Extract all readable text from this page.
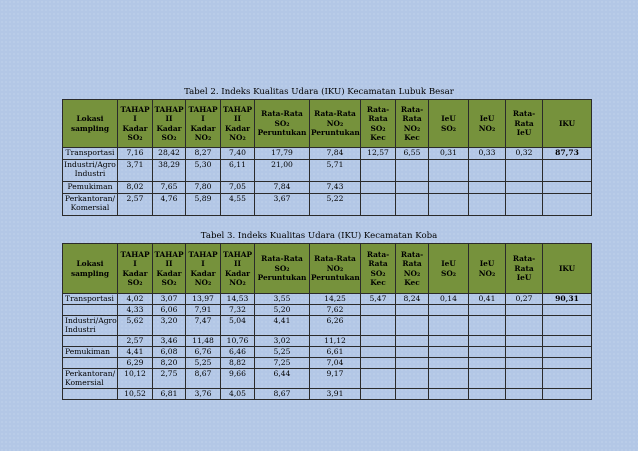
Tabel 2. Indeks Kualitas Udara (IKU) Kecamatan Lubuk Besar
Lokasi
sampling	TAHAP
I
Kadar
SO₂	TAHAP
II
Kadar
SO₂	TAHAP
I
Kadar
NO₂	TAHAP
II
Kadar
NO₂	Rata-Rata
SO₂
Peruntukan	Rata-Rata
NO₂
Peruntukan	Rata-
Rata
SO₂
Kec	Rata-
Rata
NO₂
Kec	IeU
SO₂	IeU
NO₂	Rata-
Rata
IeU	IKU

Transportasi	7,16	28,42	8,27	7,40	17,79	7,84	12,57	6,55	0,31	0,33	0,32	87,73
Industri/Agro Industri	3,71	38,29	5,30	6,11	21,00	5,71						
Pemukiman	8,02	7,65	7,80	7,05	7,84	7,43						
Perkantoran/ Komersial	2,57	4,76	5,89	4,55	3,67	5,22						
Tabel 3. Indeks Kualitas Udara (IKU) Kecamatan Koba
Lokasi
sampling	TAHAP
I
Kadar
SO₂	TAHAP
II
Kadar
SO₂	TAHAP
I
Kadar
NO₂	TAHAP
II
Kadar
NO₂	Rata-Rata
SO₂
Peruntukan	Rata-Rata
NO₂
Peruntukan	Rata-
Rata
SO₂
Kec	Rata-
Rata
NO₂
Kec	IeU
SO₂	IeU
NO₂	Rata-
Rata
IeU	IKU

Transportasi	4,02	3,07	13,97	14,53	3,55	14,25	5,47	8,24	0,14	0,41	0,27	90,31
	4,33	6,06	7,91	7,32	5,20	7,62						
Industri/Agro Industri	5,62	3,20	7,47	5,04	4,41	6,26						
	2,57	3,46	11,48	10,76	3,02	11,12						
Pemukiman	4,41	6,08	6,76	6,46	5,25	6,61						
	6,29	8,20	5,25	8,82	7,25	7,04						
Perkantoran/ Komersial	10,12	2,75	8,67	9,66	6,44	9,17						
	10,52	6,81	3,76	4,05	8,67	3,91						
